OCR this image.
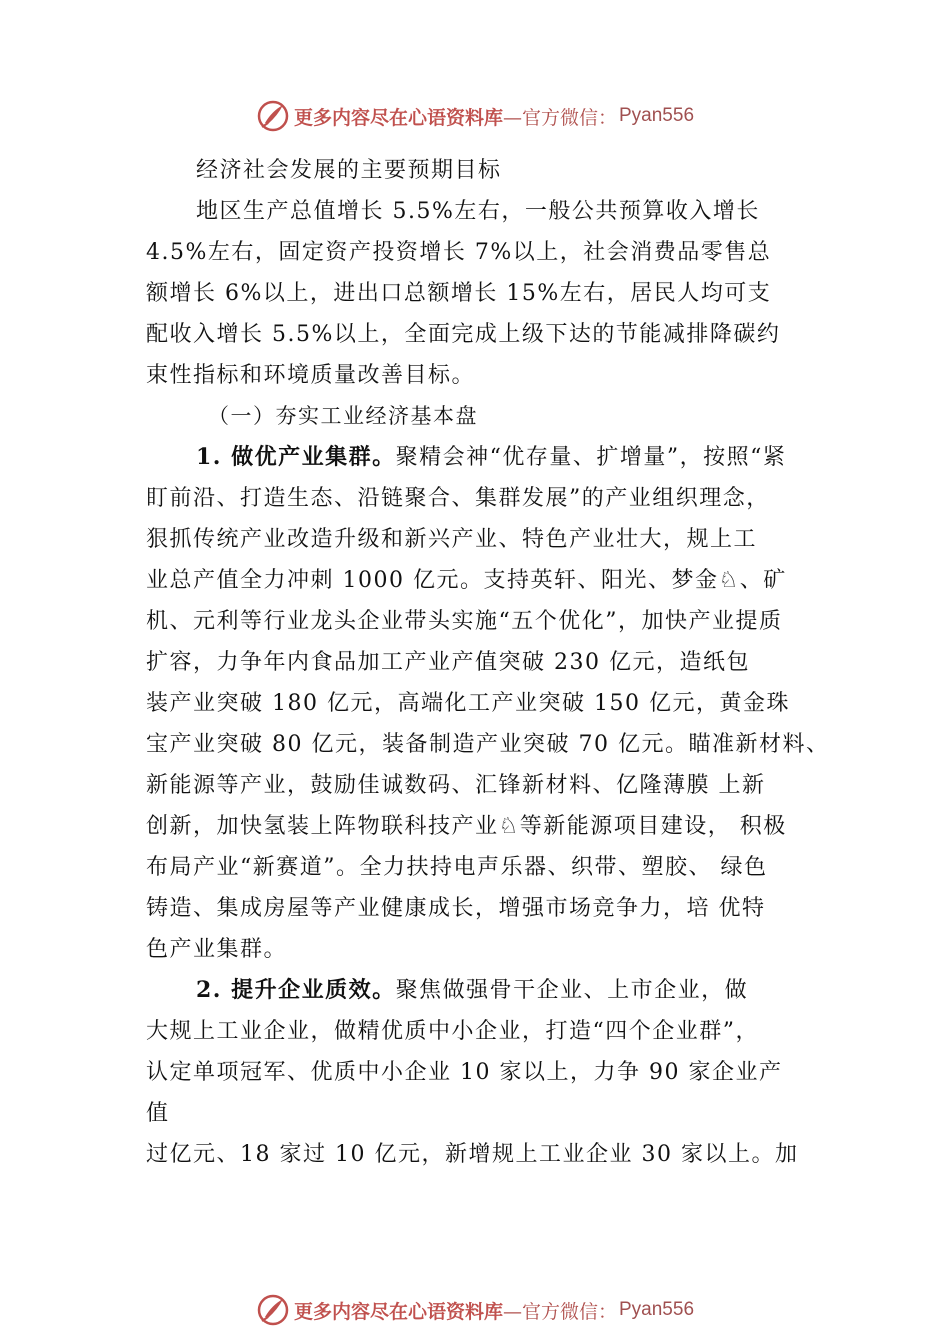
更多内容尽在心语资料库 —官方微信： Pyan556
经济社会发展的主要预期目标
地区生产总值增长 5.5%左右，一般公共预算收入增长
4.5%左右，固定资产投资增长 7%以上，社会消费品零售总
额增长 6%以上，进出口总额增长 15%左右，居民人均可支
配收入增长 5.5%以上，全面完成上级下达的节能减排降碳约
束性指标和环境质量改善目标。
（一）夯实工业经济基本盘
1. 做优产业集群。聚精会神“优存量、扩增量”，按照“紧
盯前沿、打造生态、沿链聚合、集群发展”的产业组织理念，
狠抓传统产业改造升级和新兴产业、特色产业壮大，规上工
业总产值全力冲刺 1000 亿元。支持英轩、阳光、梦金♘、矿
机、元利等行业龙头企业带头实施“五个优化”，加快产业提质
扩容，力争年内食品加工产业产值突破 230 亿元，造纸包
装产业突破 180 亿元，高端化工产业突破 150 亿元，黄金珠
宝产业突破 80 亿元，装备制造产业突破 70 亿元。瞄准新材料、
新能源等产业，鼓励佳诚数码、汇锋新材料、亿隆薄膜 上新
创新，加快氢装上阵物联科技产业♘等新能源项目建设， 积极
布局产业“新赛道”。全力扶持电声乐器、织带、塑胶、 绿色
铸造、集成房屋等产业健康成长，增强市场竞争力，培 优特
色产业集群。
2. 提升企业质效。聚焦做强骨干企业、上市企业，做
大规上工业企业，做精优质中小企业，打造“四个企业群”，
认定单项冠军、优质中小企业 10 家以上，力争 90 家企业产
值
过亿元、18 家过 10 亿元，新增规上工业企业 30 家以上。加
更多内容尽在心语资料库 —官方微信： Pyan556
